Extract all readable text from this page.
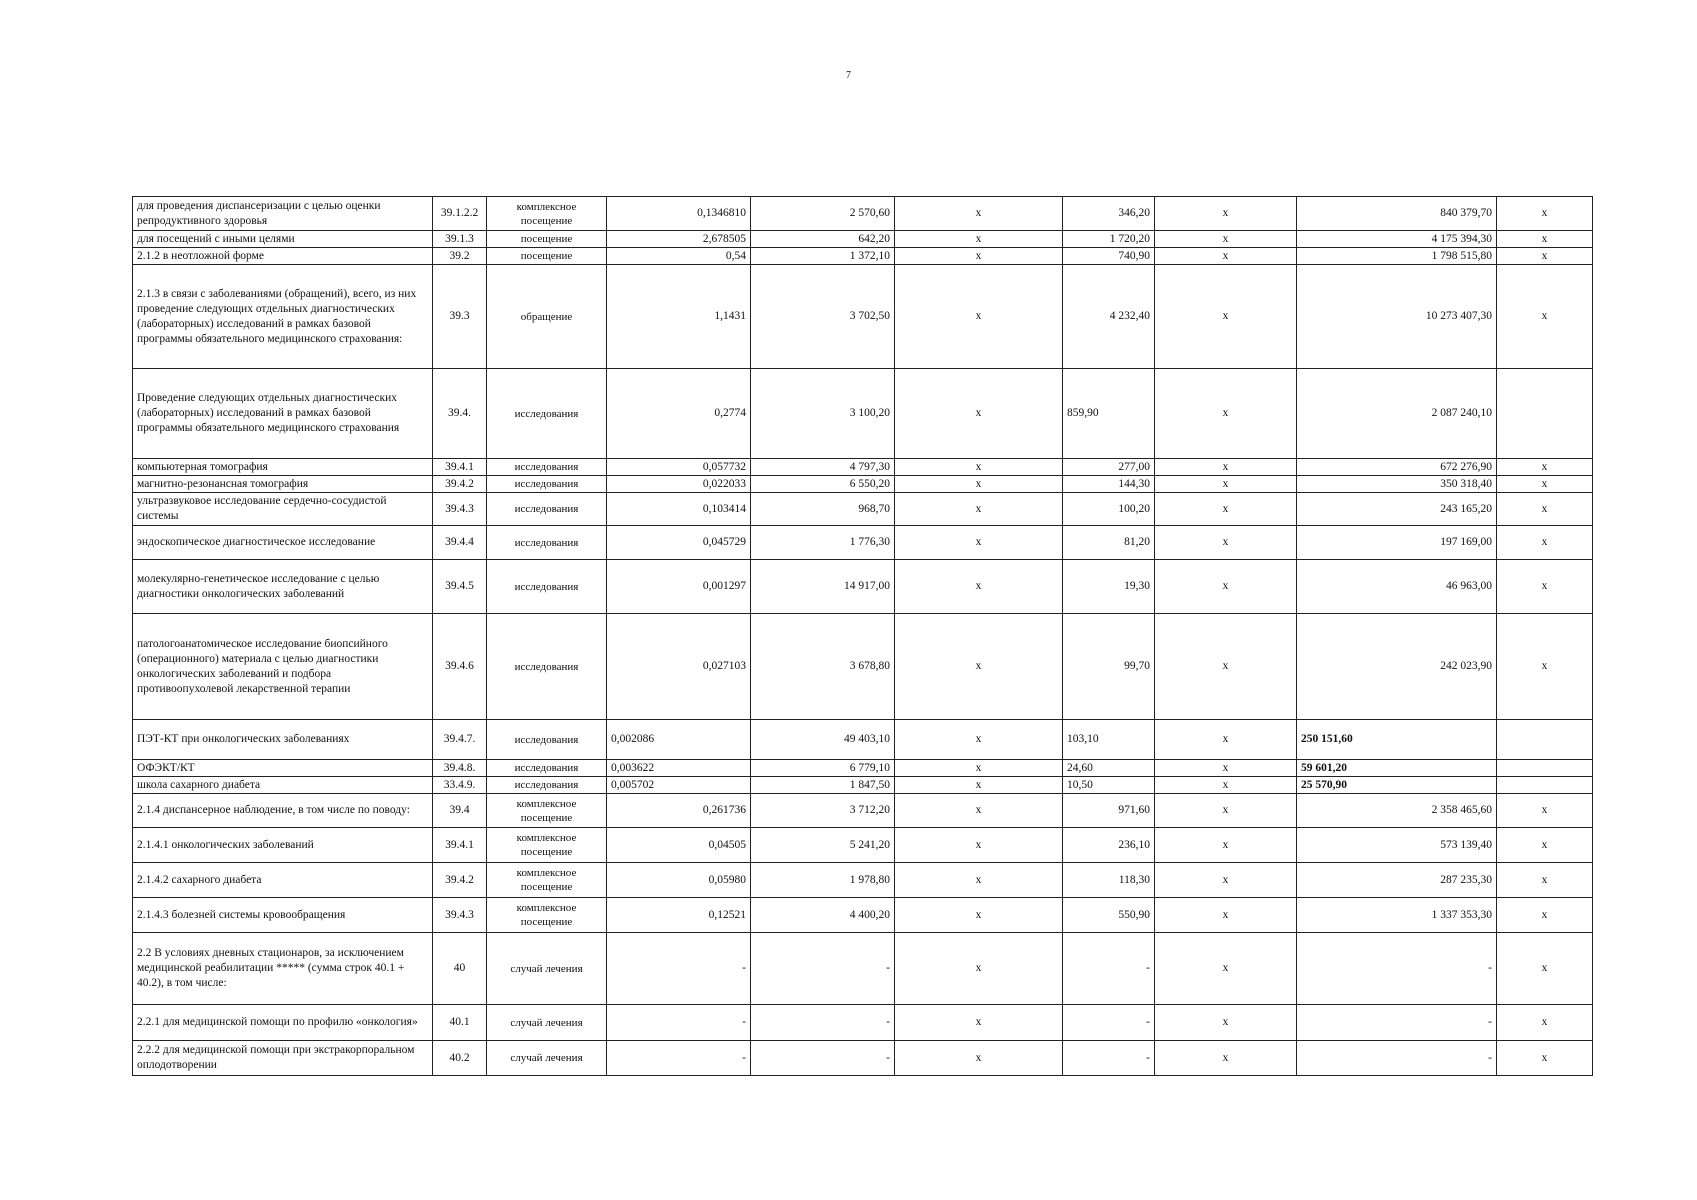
7
для проведения диспансеризации с целью оценки репродуктивного здоровья	39.1.2.2	комплексное посещение	0,1346810	2 570,60	х	346,20	х	840 379,70	х
для посещений с иными целями	39.1.3	посещение	2,678505	642,20	х	1 720,20	х	4 175 394,30	х
2.1.2 в неотложной форме	39.2	посещение	0,54	1 372,10	х	740,90	х	1 798 515,80	х
2.1.3 в связи с заболеваниями (обращений), всего, из них проведение следующих отдельных диагностических (лабораторных) исследований в рамках базовой программы обязательного медицинского страхования:	39.3	обращение	1,1431	3 702,50	х	4 232,40	х	10 273 407,30	х
Проведение следующих отдельных диагностических (лабораторных) исследований в рамках базовой программы обязательного медицинского страхования	39.4.	исследования	0,2774	3 100,20	х	859,90	х	2 087 240,10	
компьютерная томография	39.4.1	исследования	0,057732	4 797,30	х	277,00	х	672 276,90	х
магнитно-резонансная томография	39.4.2	исследования	0,022033	6 550,20	х	144,30	х	350 318,40	х
ультразвуковое исследование сердечно-сосудистой системы	39.4.3	исследования	0,103414	968,70	х	100,20	х	243 165,20	х
эндоскопическое диагностическое исследование	39.4.4	исследования	0,045729	1 776,30	х	81,20	х	197 169,00	х
молекулярно-генетическое исследование с целью диагностики онкологических заболеваний	39.4.5	исследования	0,001297	14 917,00	х	19,30	х	46 963,00	х
патологоанатомическое исследование биопсийного (операционного) материала с целью диагностики онкологических заболеваний и подбора противоопухолевой лекарственной терапии	39.4.6	исследования	0,027103	3 678,80	х	99,70	х	242 023,90	х
ПЭТ-КТ при онкологических заболеваниях	39.4.7.	исследования	0,002086	49 403,10	х	103,10	х	250 151,60	
ОФЭКТ/КТ	39.4.8.	исследования	0,003622	6 779,10	х	24,60	х	59 601,20	
школа сахарного диабета	33.4.9.	исследования	0,005702	1 847,50	х	10,50	х	25 570,90	
2.1.4 диспансерное наблюдение, в том числе по поводу:	39.4	комплексное посещение	0,261736	3 712,20	х	971,60	х	2 358 465,60	х
2.1.4.1 онкологических заболеваний	39.4.1	комплексное посещение	0,04505	5 241,20	х	236,10	х	573 139,40	х
2.1.4.2 сахарного диабета	39.4.2	комплексное посещение	0,05980	1 978,80	х	118,30	х	287 235,30	х
2.1.4.3 болезней системы кровообращения	39.4.3	комплексное посещение	0,12521	4 400,20	х	550,90	х	1 337 353,30	х
2.2 В условиях дневных стационаров, за исключением медицинской реабилитации ***** (сумма строк 40.1 + 40.2), в том числе:	40	случай лечения	-	-	х	-	х	-	х
2.2.1 для медицинской помощи по профилю «онкология»	40.1	случай лечения	-	-	х	-	х	-	х
2.2.2 для медицинской помощи при экстракорпоральном оплодотворении	40.2	случай лечения	-	-	х	-	х	-	х
